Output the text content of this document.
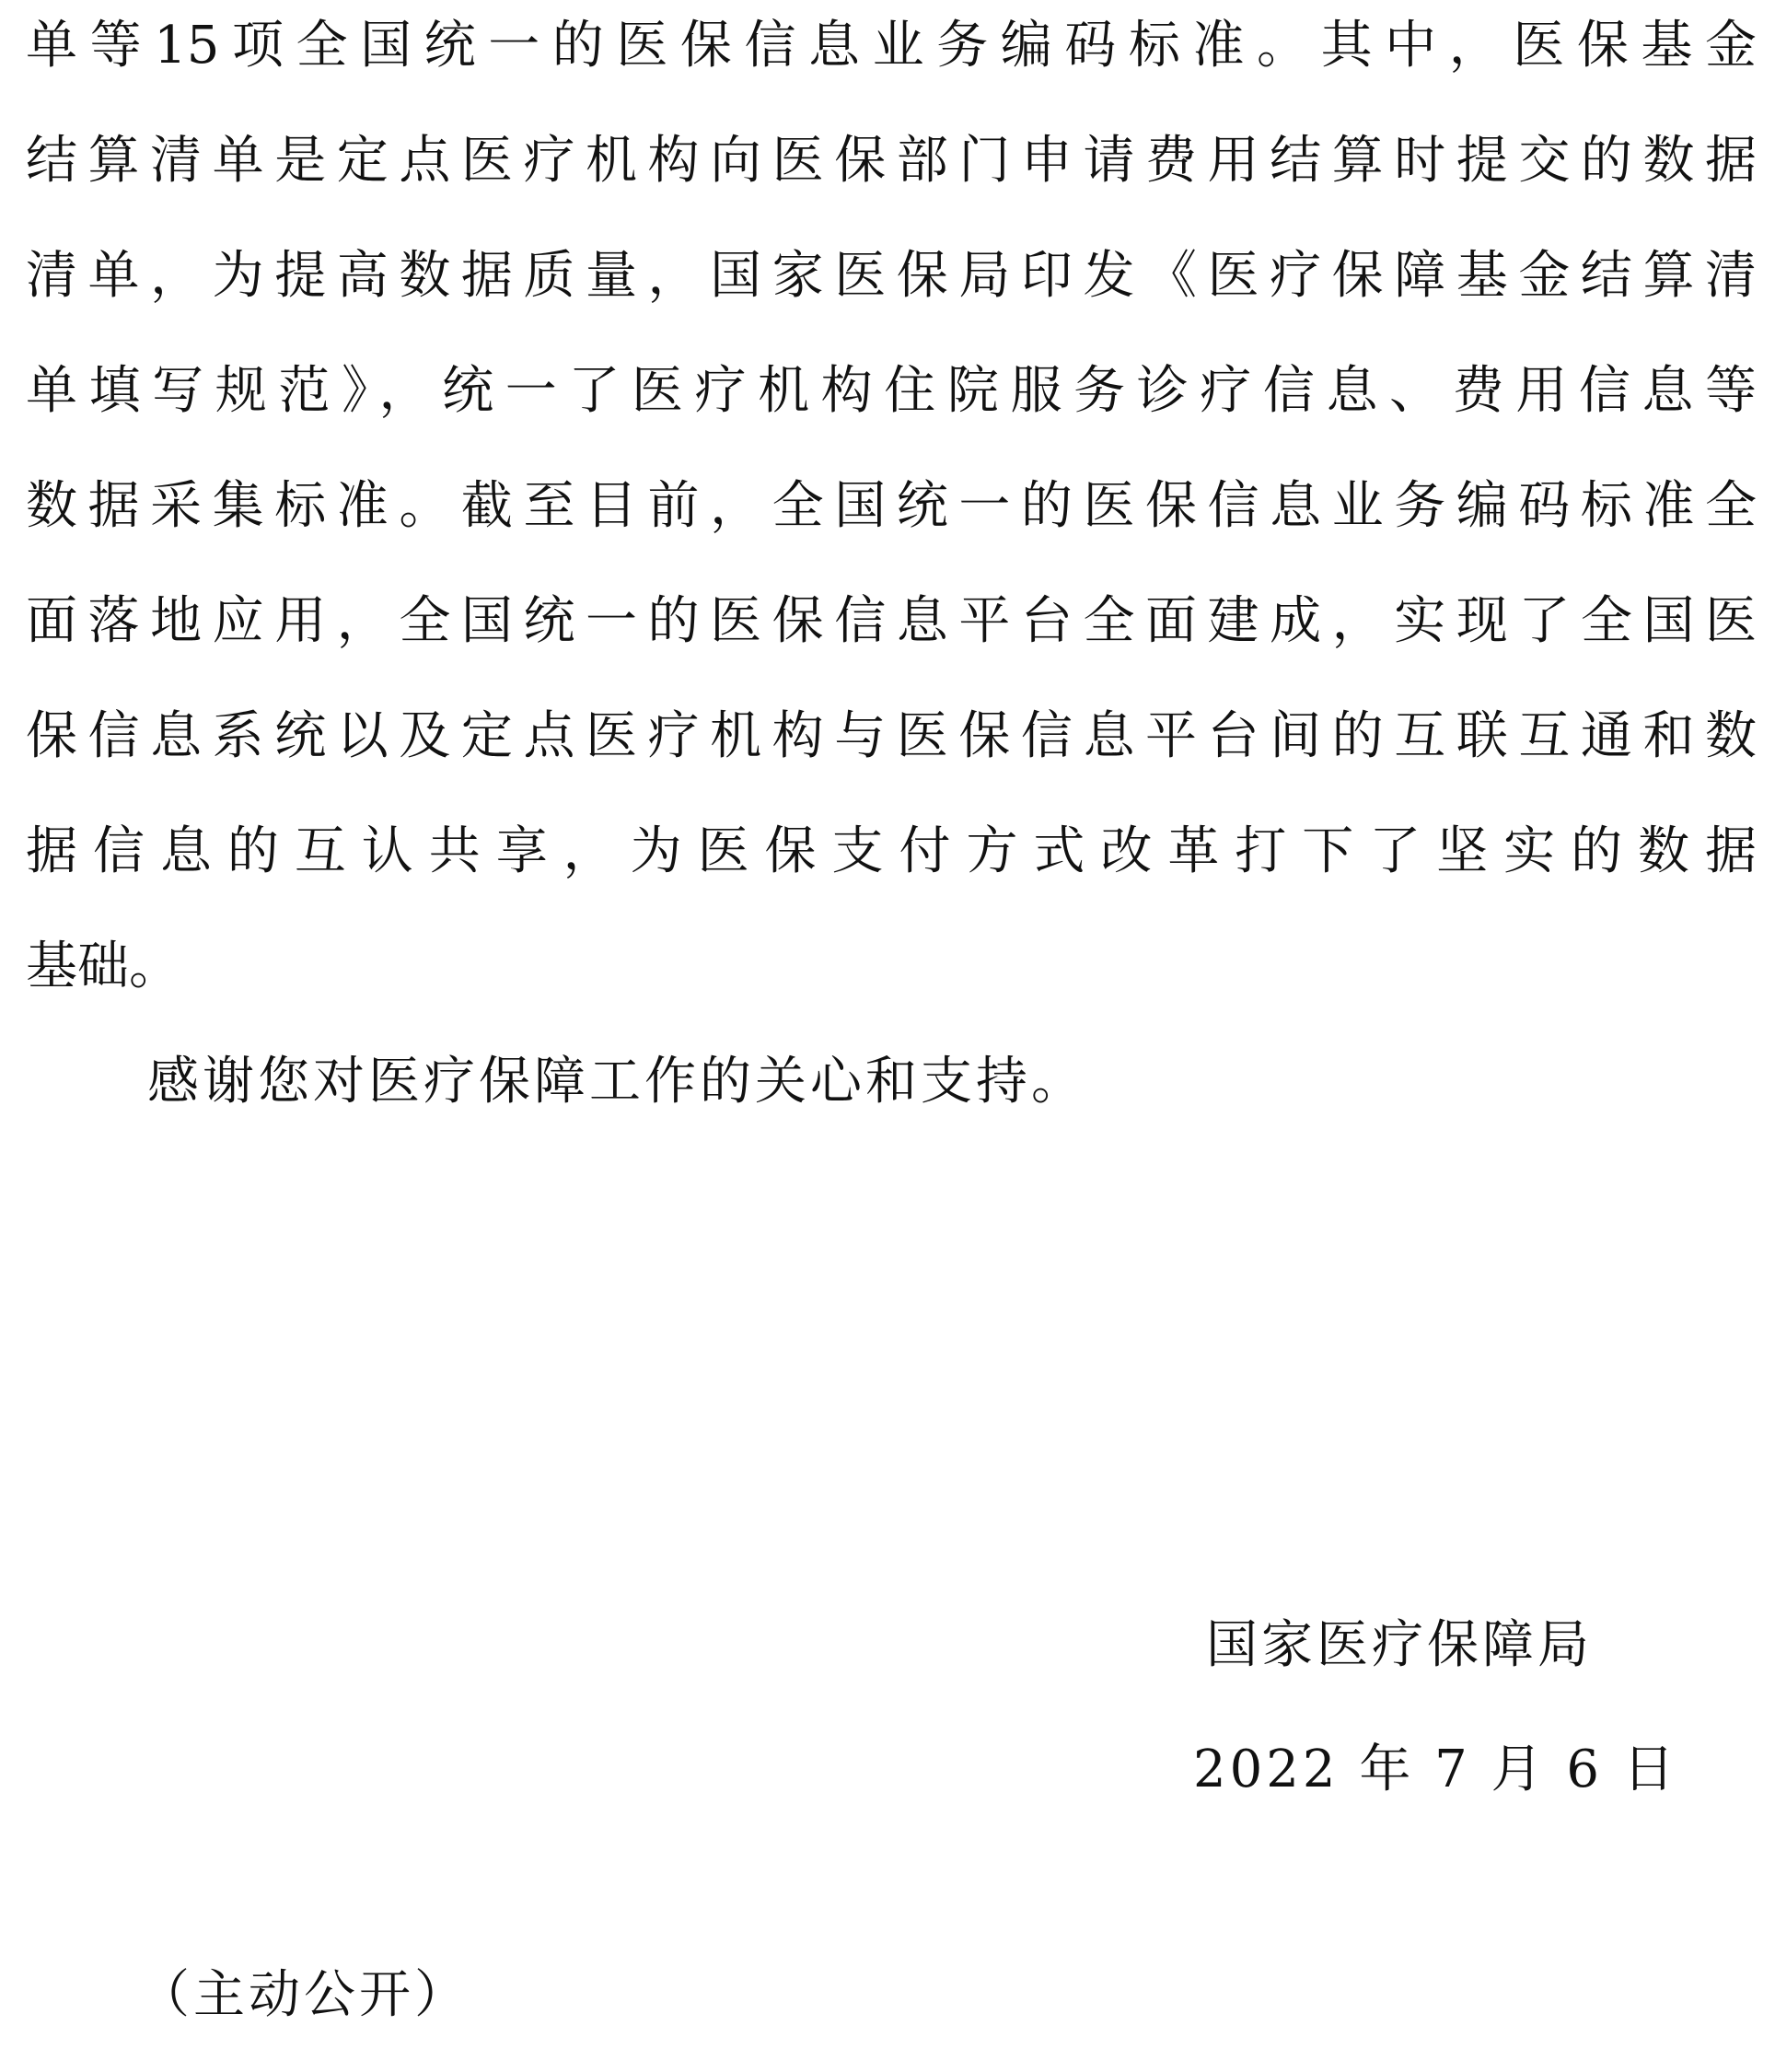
单等15项全国统一的医保信息业务编码标准。其中，医保基金
结算清单是定点医疗机构向医保部门申请费用结算时提交的数据
清单，为提高数据质量，国家医保局印发《医疗保障基金结算清
单填写规范》，统一了医疗机构住院服务诊疗信息、费用信息等
数据采集标准。截至目前，全国统一的医保信息业务编码标准全
面落地应用，全国统一的医保信息平台全面建成，实现了全国医
保信息系统以及定点医疗机构与医保信息平台间的互联互通和数
据信息的互认共享，为医保支付方式改革打下了坚实的数据
基础。
感谢您对医疗保障工作的关心和支持。
国家医疗保障局
2022 年 7 月 6 日
（主动公开）
